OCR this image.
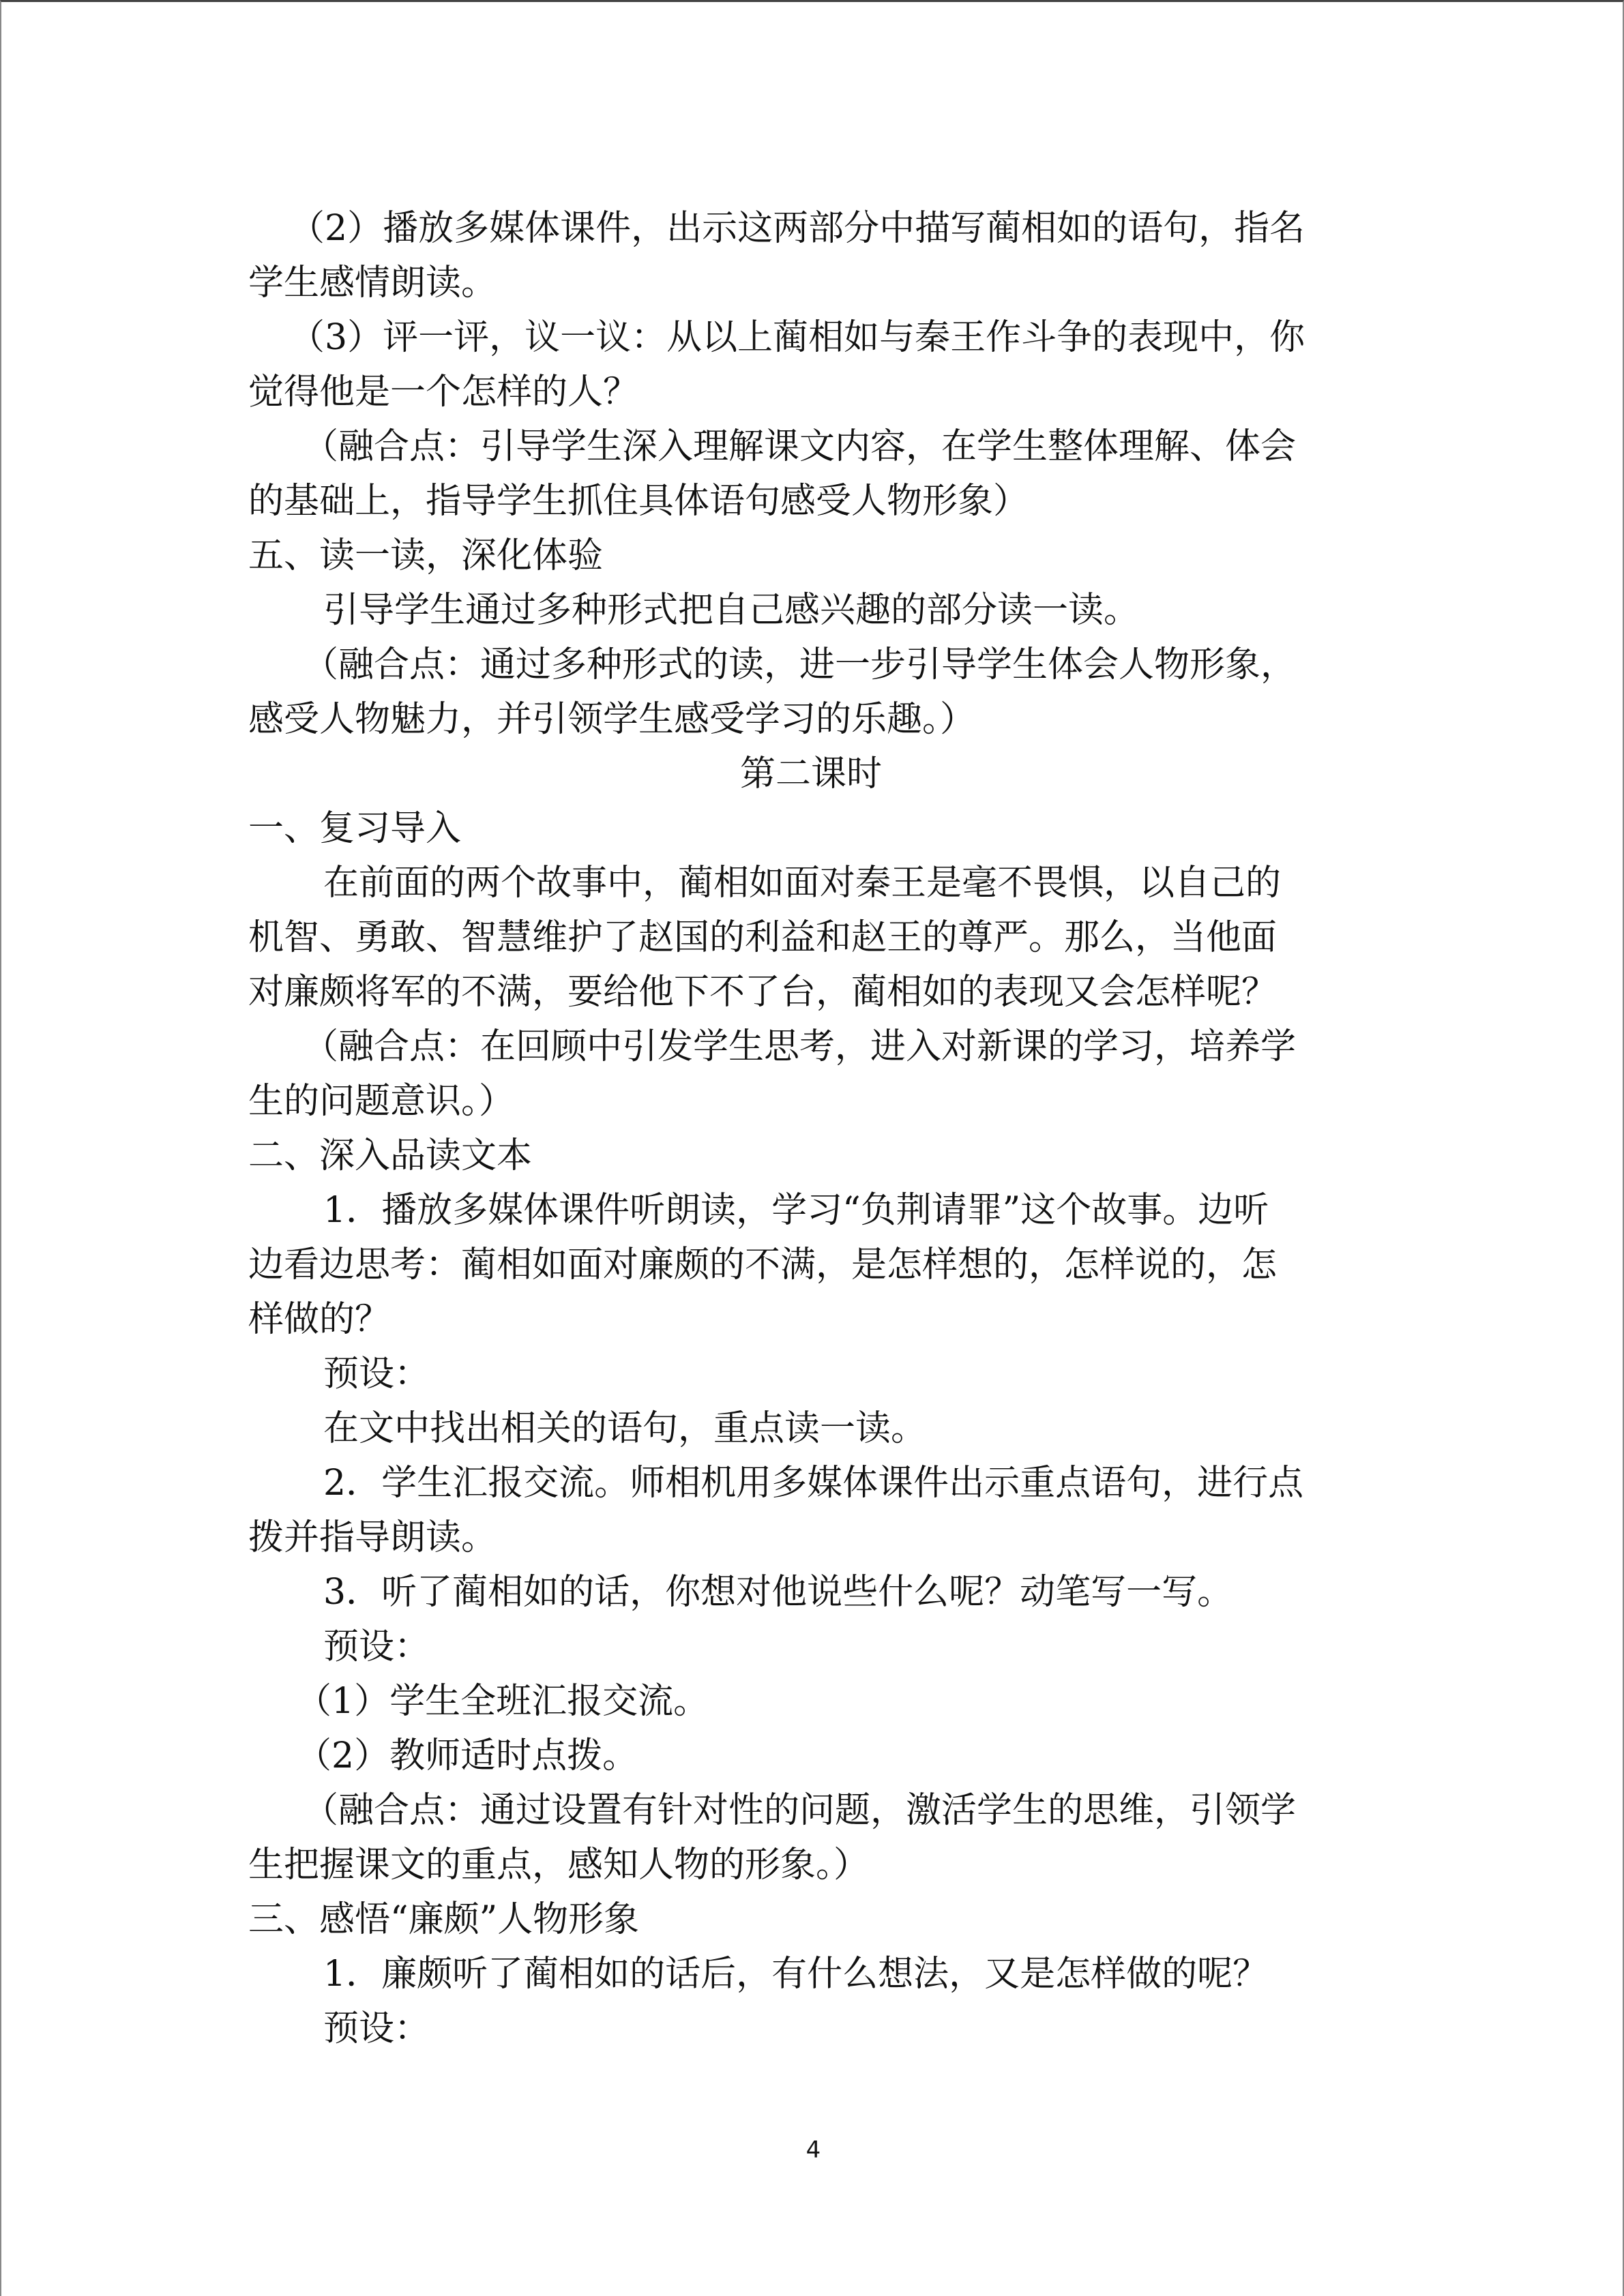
（2）播放多媒体课件，出示这两部分中描写蔺相如的语句，指名
学生感情朗读。
（3）评一评，议一议：从以上蔺相如与秦王作斗争的表现中，你
觉得他是一个怎样的人？
（融合点：引导学生深入理解课文内容，在学生整体理解、体会
的基础上，指导学生抓住具体语句感受人物形象）
五、读一读，深化体验
引导学生通过多种形式把自己感兴趣的部分读一读。
（融合点：通过多种形式的读，进一步引导学生体会人物形象，
感受人物魅力，并引领学生感受学习的乐趣。）
第二课时
一、复习导入
在前面的两个故事中，蔺相如面对秦王是毫不畏惧，以自己的
机智、勇敢、智慧维护了赵国的利益和赵王的尊严。那么，当他面
对廉颇将军的不满，要给他下不了台，蔺相如的表现又会怎样呢？
（融合点：在回顾中引发学生思考，进入对新课的学习，培养学
生的问题意识。）
二、深入品读文本
1．播放多媒体课件听朗读，学习“负荆请罪”这个故事。边听
边看边思考：蔺相如面对廉颇的不满，是怎样想的，怎样说的，怎
样做的？
预设：
在文中找出相关的语句，重点读一读。
2．学生汇报交流。师相机用多媒体课件出示重点语句，进行点
拨并指导朗读。
3．听了蔺相如的话，你想对他说些什么呢？动笔写一写。
预设：
（1）学生全班汇报交流。
（2）教师适时点拨。
（融合点：通过设置有针对性的问题，激活学生的思维，引领学
生把握课文的重点，感知人物的形象。）
三、感悟“廉颇”人物形象
1．廉颇听了蔺相如的话后，有什么想法，又是怎样做的呢？
预设：
4
